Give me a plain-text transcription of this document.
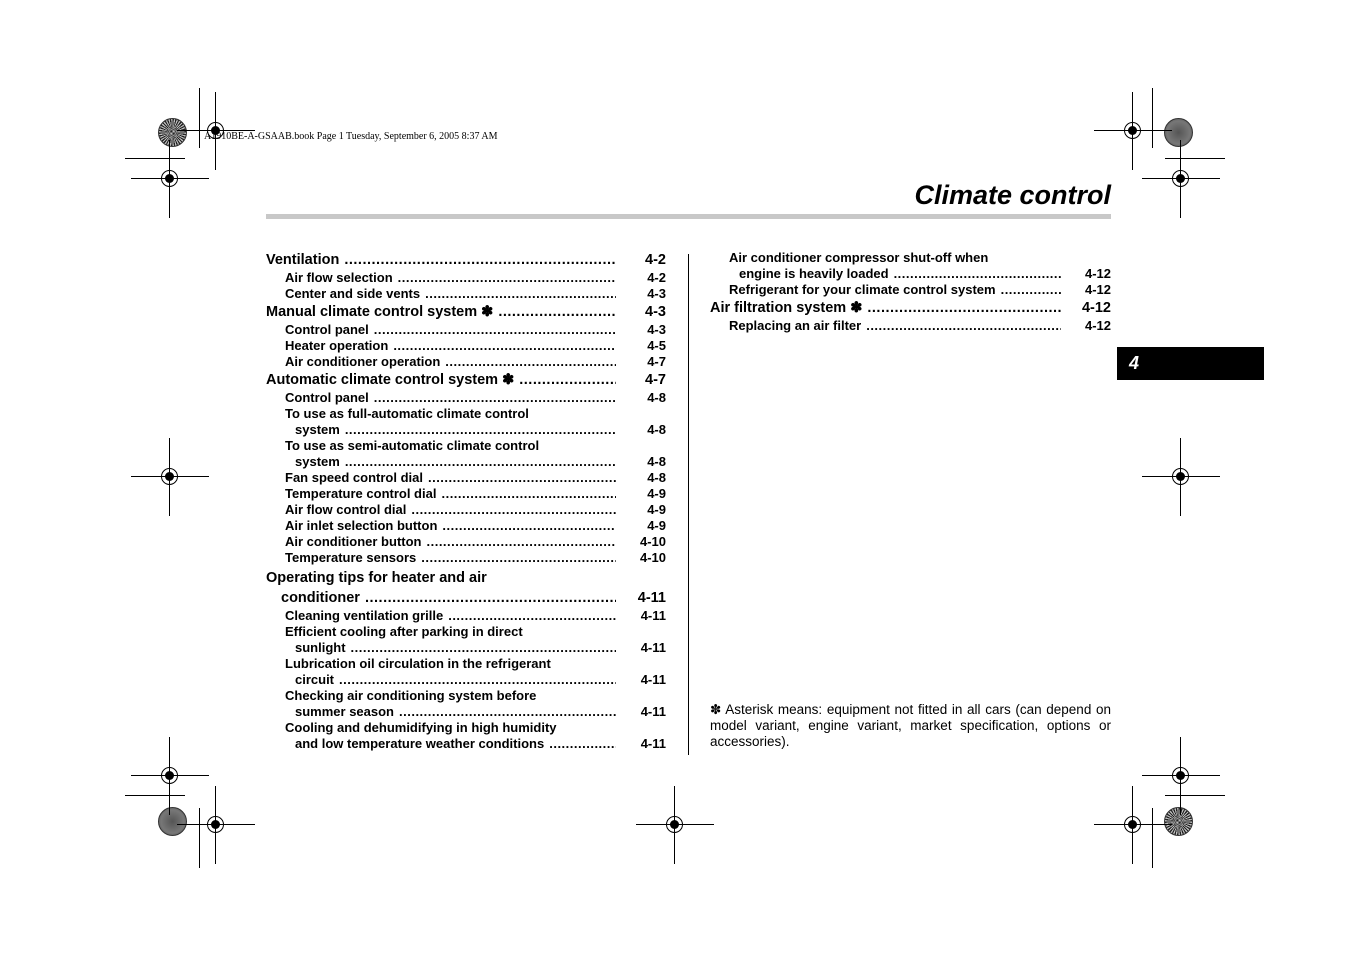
A1910BE-A-GSAAB.book Page 1 Tuesday, September 6, 2005 8:37 AM
Climate control
4
Ventilation .....	4-2
Air flow selection .....	4-2
Center and side vents .....	4-3
Manual climate control system ✽ .....	4-3
Control panel .....	4-3
Heater operation .....	4-5
Air conditioner operation .....	4-7
Automatic climate control system ✽ .....	4-7
Control panel .....	4-8
To use as full-automatic climate control
system .....	4-8
To use as semi-automatic climate control
system .....	4-8
Fan speed control dial .....	4-8
Temperature control dial .....	4-9
Air flow control dial .....	4-9
Air inlet selection button .....	4-9
Air conditioner button .....	4-10
Temperature sensors .....	4-10
Operating tips for heater and air
conditioner .....	4-11
Cleaning ventilation grille .....	4-11
Efficient cooling after parking in direct
sunlight .....	4-11
Lubrication oil circulation in the refrigerant
circuit .....	4-11
Checking air conditioning system before
summer season .....	4-11
Cooling and dehumidifying in high humidity
and low temperature weather conditions .....	4-11
Air conditioner compressor shut-off when
engine is heavily loaded .....	4-12
Refrigerant for your climate control system .....	4-12
Air filtration system ✽ .....	4-12
Replacing an air filter .....	4-12
✽ Asterisk means: equipment not fitted in all cars (can depend on model variant, engine variant, market specification, options or accessories).
